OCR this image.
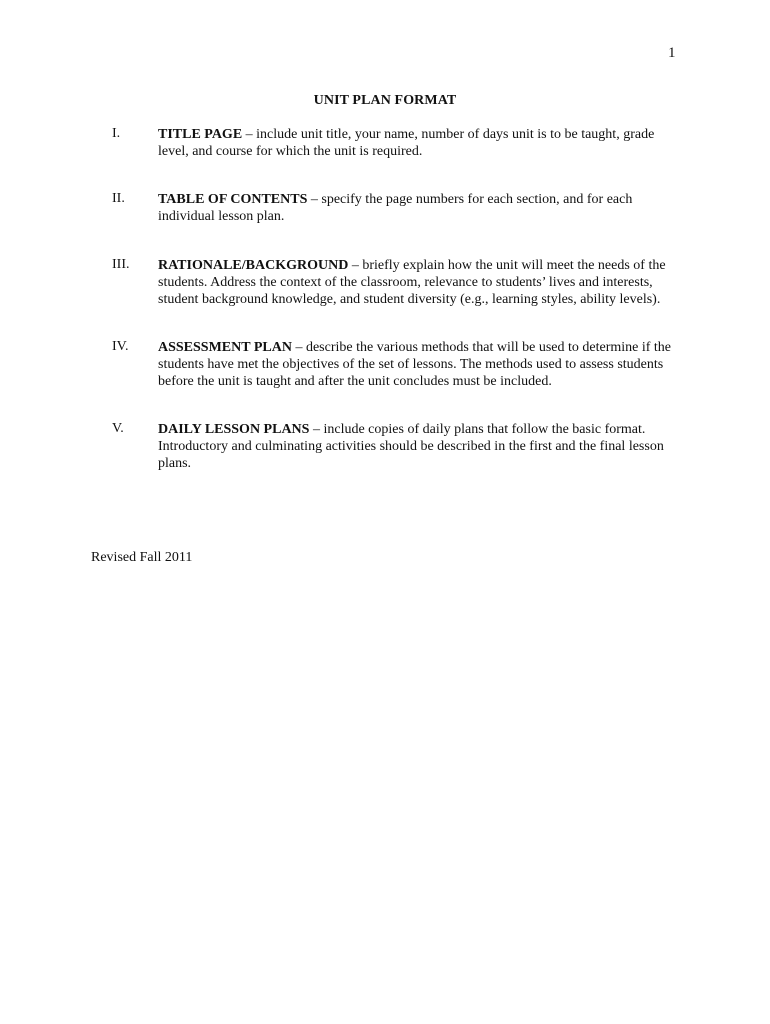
1
UNIT PLAN FORMAT
I.	TITLE PAGE – include unit title, your name, number of days unit is to be taught, grade level, and course for which the unit is required.
II. TABLE OF CONTENTS – specify the page numbers for each section, and for each individual lesson plan.
III. RATIONALE/BACKGROUND – briefly explain how the unit will meet the needs of the students. Address the context of the classroom, relevance to students’ lives and interests, student background knowledge, and student diversity (e.g., learning styles, ability levels).
IV. ASSESSMENT PLAN – describe the various methods that will be used to determine if the students have met the objectives of the set of lessons. The methods used to assess students before the unit is taught and after the unit concludes must be included.
V. DAILY LESSON PLANS – include copies of daily plans that follow the basic format. Introductory and culminating activities should be described in the first and the final lesson plans.
Revised Fall 2011
